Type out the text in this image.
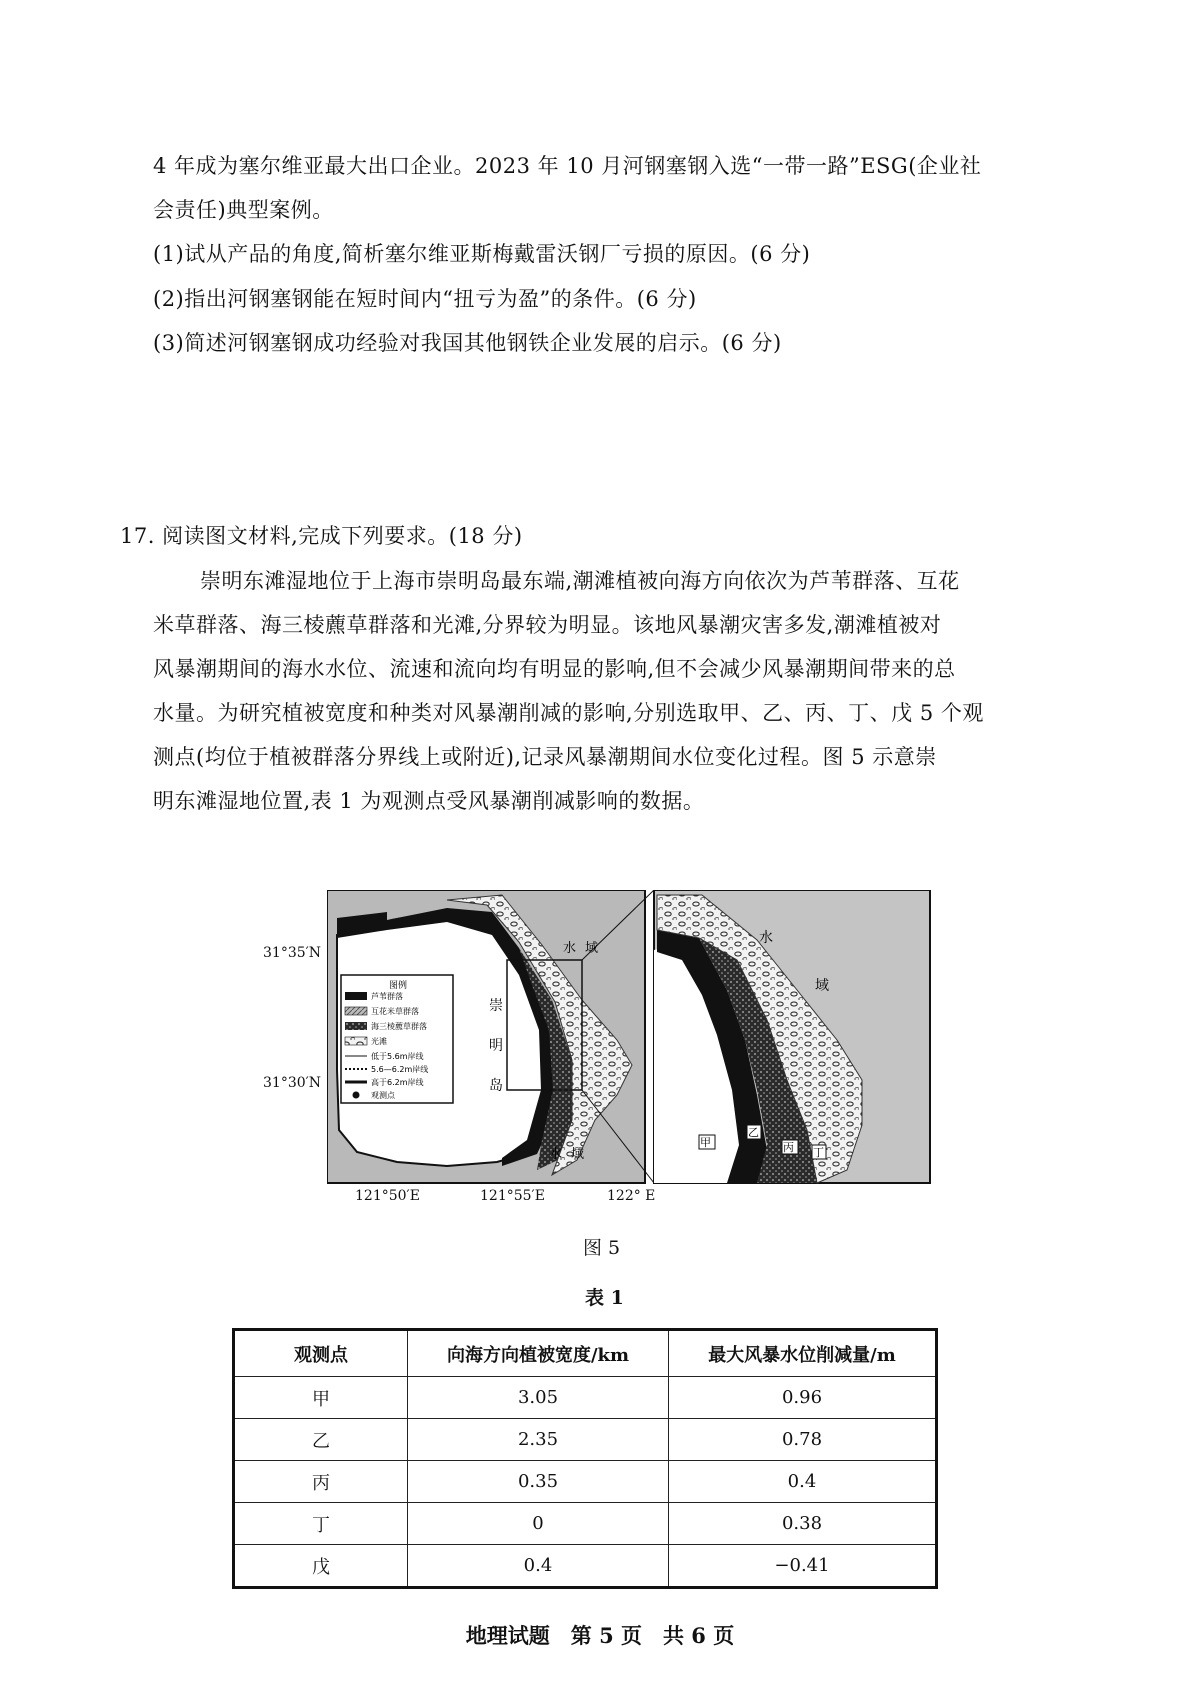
4 年成为塞尔维亚最大出口企业。2023 年 10 月河钢塞钢入选“一带一路”ESG(企业社
会责任)典型案例。
(1)试从产品的角度,简析塞尔维亚斯梅戴雷沃钢厂亏损的原因。(6 分)
(2)指出河钢塞钢能在短时间内“扭亏为盈”的条件。(6 分)
(3)简述河钢塞钢成功经验对我国其他钢铁企业发展的启示。(6 分)
17. 阅读图文材料,完成下列要求。(18 分)
崇明东滩湿地位于上海市崇明岛最东端,潮滩植被向海方向依次为芦苇群落、互花
米草群落、海三棱藨草群落和光滩,分界较为明显。该地风暴潮灾害多发,潮滩植被对
风暴潮期间的海水水位、流速和流向均有明显的影响,但不会减少风暴潮期间带来的总
水量。为研究植被宽度和种类对风暴潮削减的影响,分别选取甲、乙、丙、丁、戊 5 个观
测点(均位于植被群落分界线上或附近),记录风暴潮期间水位变化过程。图 5 示意崇
明东滩湿地位置,表 1 为观测点受风暴潮削减影响的数据。
图例
芦苇群落
互花米草群落
海三棱藨草群落
光滩
低于5.6m岸线
5.6—6.2m岸线
高于6.2m岸线
观测点
崇
明
岛
水 域
水 域
水
域
甲
乙
丙 丁
31°35′N
31°30′N
121°50′E	121°55′E	122° E
图 5
表 1
观测点	向海方向植被宽度/km	最大风暴水位削减量/m
甲	3.05	0.96
乙	2.35	0.78
丙	0.35	0.4
丁	0	0.38
戊	0.4	−0.41
地理试题　第 5 页　共 6 页
